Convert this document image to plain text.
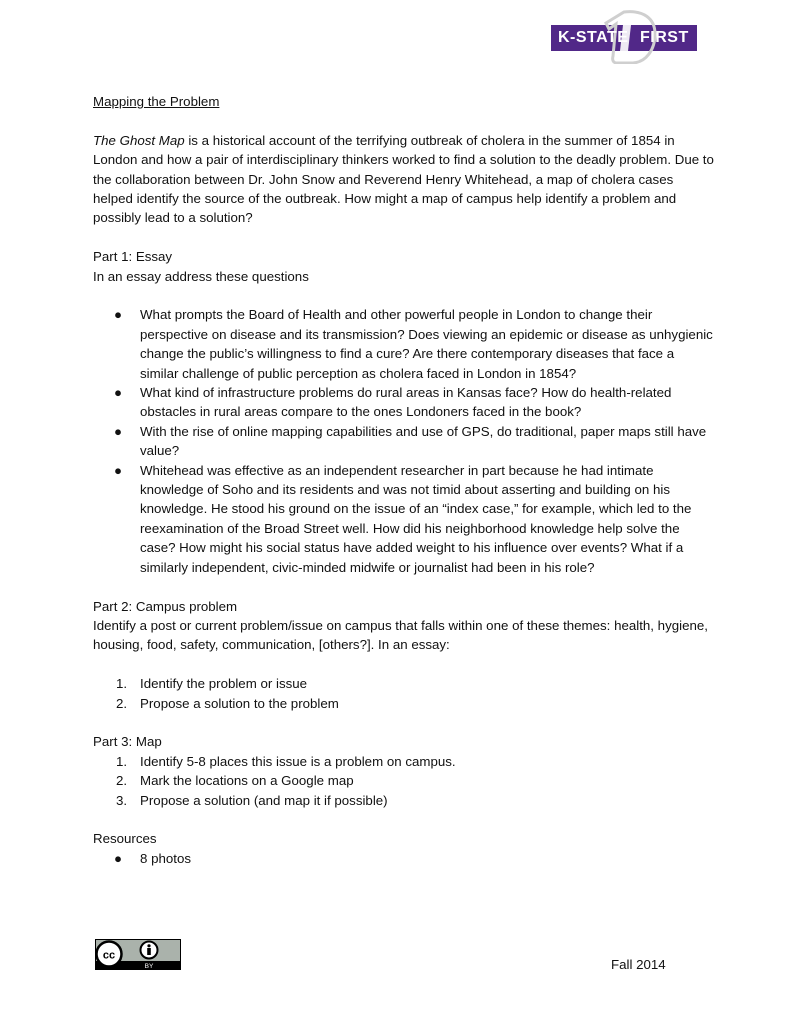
K-STATE FIRST

Mapping the Problem

The Ghost Map is a historical account of the terrifying outbreak of cholera in the summer of 1854 in London and how a pair of interdisciplinary thinkers worked to find a solution to the deadly problem. Due to the collaboration between Dr. John Snow and Reverend Henry Whitehead, a map of cholera cases helped identify the source of the outbreak. How might a map of campus help identify a problem and possibly lead to a solution?

Part 1: Essay

In an essay address these questions

● What prompts the Board of Health and other powerful people in London to change their perspective on disease and its transmission? Does viewing an epidemic or disease as unhygienic change the public’s willingness to find a cure? Are there contemporary diseases that face a similar challenge of public perception as cholera faced in London in 1854?
● What kind of infrastructure problems do rural areas in Kansas face? How do health-related obstacles in rural areas compare to the ones Londoners faced in the book?
● With the rise of online mapping capabilities and use of GPS, do traditional, paper maps still have value?
● Whitehead was effective as an independent researcher in part because he had intimate knowledge of Soho and its residents and was not timid about asserting and building on his knowledge. He stood his ground on the issue of an “index case,” for example, which led to the reexamination of the Broad Street well. How did his neighborhood knowledge help solve the case? How might his social status have added weight to his influence over events? What if a similarly independent, civic-minded midwife or journalist had been in his role?

Part 2: Campus problem

Identify a post or current problem/issue on campus that falls within one of these themes: health, hygiene, housing, food, safety, communication, [others?]. In an essay:

1. Identify the problem or issue
2. Propose a solution to the problem

Part 3: Map

1. Identify 5-8 places this issue is a problem on campus.
2. Mark the locations on a Google map
3. Propose a solution (and map it if possible)

Resources

● 8 photos
cc
BY	Fall 2014
